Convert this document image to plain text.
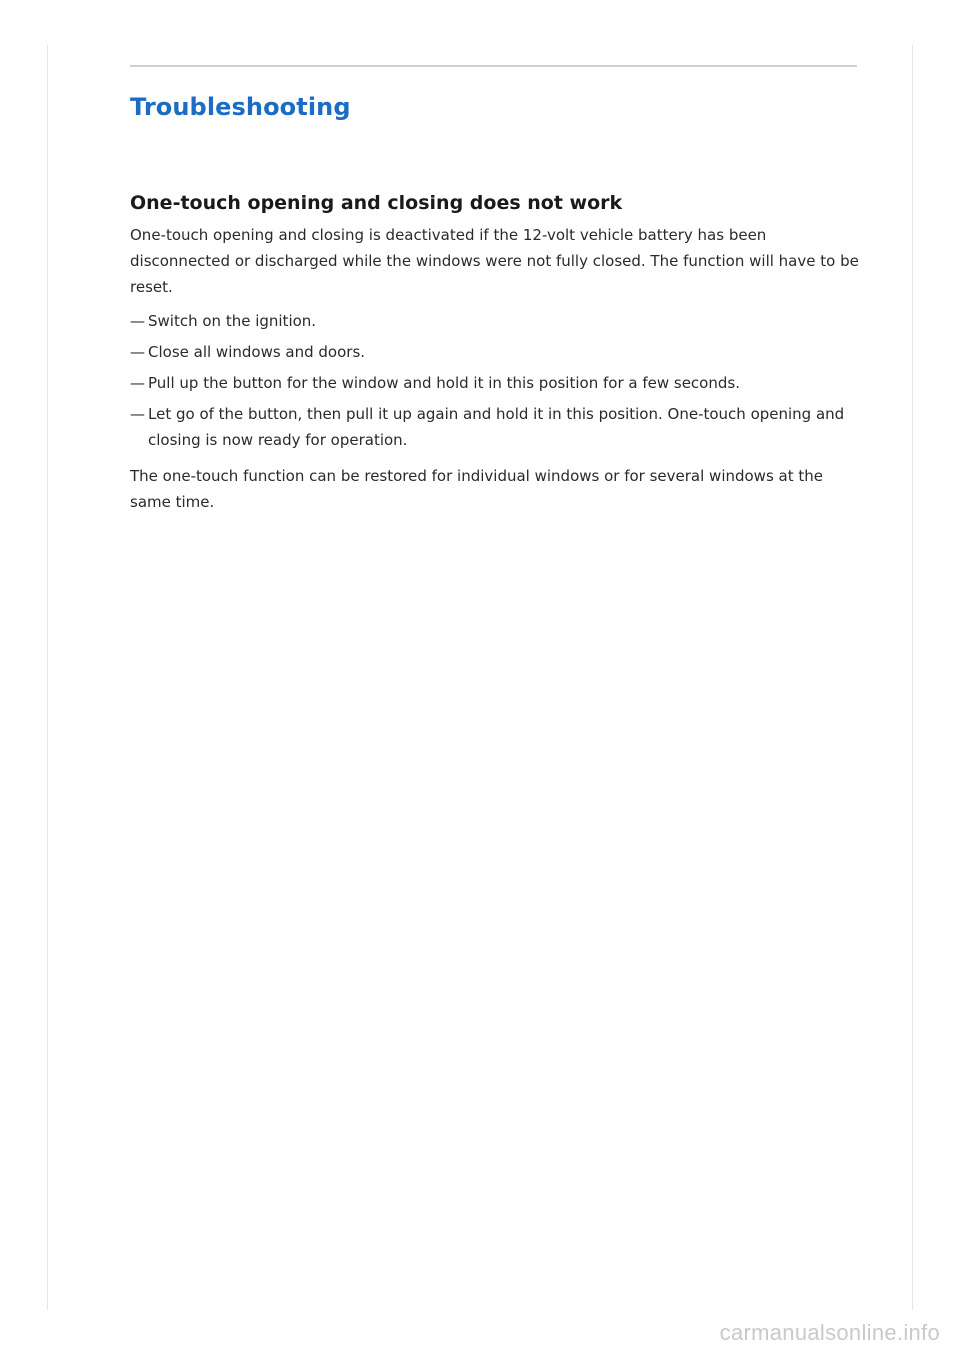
Troubleshooting
One-touch opening and closing does not work

One-touch opening and closing is deactivated if the 12-volt vehicle battery has been disconnected or discharged while the windows were not fully closed. The function will have to be reset.

— Switch on the ignition.
— Close all windows and doors.
— Pull up the button for the window and hold it in this position for a few seconds.
— Let go of the button, then pull it up again and hold it in this position. One-touch opening and closing is now ready for operation.

The one-touch function can be restored for individual windows or for several windows at the same time.

carmanualsonline.info
